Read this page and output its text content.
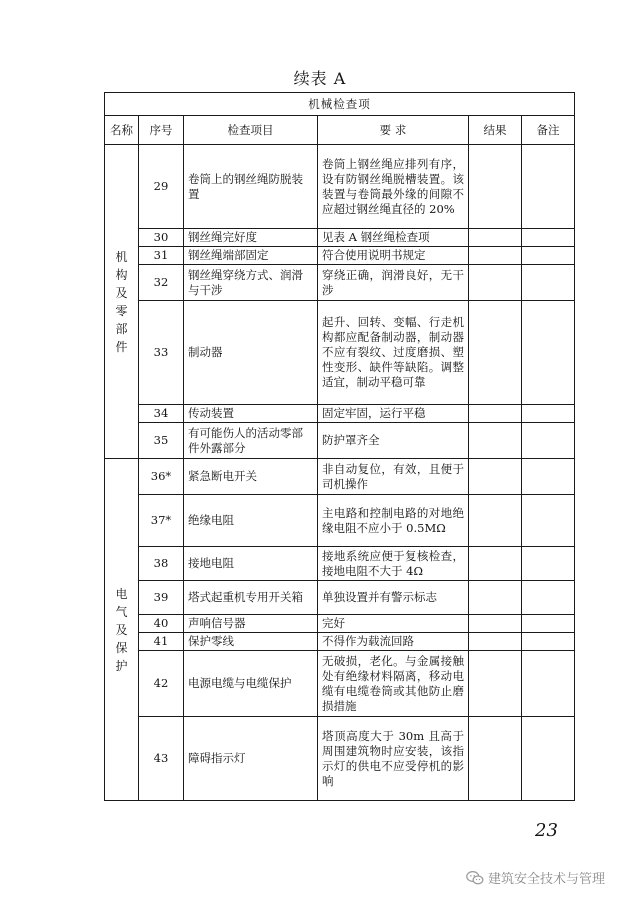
续表 A
机械检查项					
名称	序号	检查项目	要 求	结果	备注

机构及零部件	29	卷筒上的钢丝绳防脱装置	卷筒上钢丝绳应排列有序，设有防钢丝绳脱槽装置。该装置与卷筒最外缘的间隙不应超过钢丝绳直径的 20%		
	30	钢丝绳完好度	见表 A 钢丝绳检查项		
	31	钢丝绳端部固定	符合使用说明书规定		
	32	钢丝绳穿绕方式、润滑与干涉	穿绕正确，润滑良好，无干涉		
	33	制动器	起升、回转、变幅、行走机构都应配备制动器，制动器不应有裂纹、过度磨损、塑性变形、缺件等缺陷。调整适宜，制动平稳可靠		
	34	传动装置	固定牢固，运行平稳		
	35	有可能伤人的活动零部件外露部分	防护罩齐全		

电气及保护	36*	紧急断电开关	非自动复位，有效，且便于司机操作		
	37*	绝缘电阻	主电路和控制电路的对地绝缘电阻不应小于 0.5MΩ		
	38	接地电阻	接地系统应便于复核检查，接地电阻不大于 4Ω		
	39	塔式起重机专用开关箱	单独设置并有警示标志		
	40	声响信号器	完好		
	41	保护零线	不得作为载流回路		
	42	电源电缆与电缆保护	无破损，老化。与金属接触处有绝缘材料隔离，移动电缆有电缆卷筒或其他防止磨损措施		
	43	障碍指示灯	塔顶高度大于 30m 且高于周围建筑物时应安装，该指示灯的供电不应受停机的影响		
23
建筑安全技术与管理
